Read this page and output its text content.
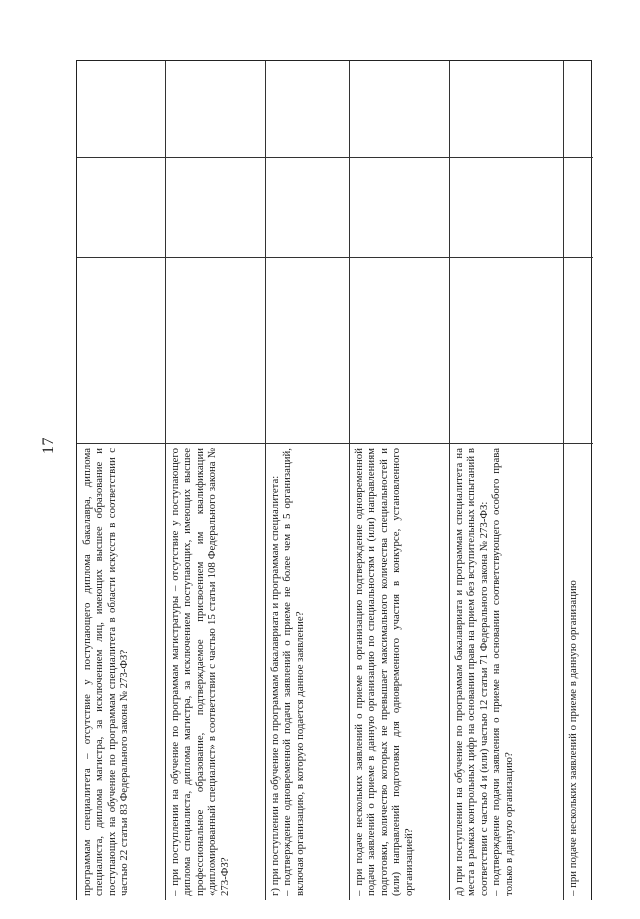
17
программам специалитета – отсутствие у поступающего диплома бакалавра, диплома специалиста, диплома магистра, за исключением лиц, имеющих высшее образование и поступающих на обучение по программам специалитета в области искусств в соответствии с частью 22 статьи 83 Федерального закона № 273-ФЗ?	– при поступлении на обучение по программам магистратуры – отсутствие у поступающего диплома специалиста, диплома магистра, за исключением поступающих, имеющих высшее профессиональное образование, подтверждаемое присвоением им квалификации «дипломированный специалист» в соответствии с частью 15 статьи 108 Федерального закона № 273-ФЗ?	г) при поступлении на обучение по программам бакалавриата и программам специалитета: – подтверждение одновременной подачи заявлений о приеме не более чем в 5 организаций, включая организацию, в которую подается данное заявление?	– при подаче нескольких заявлений о приеме в организацию подтверждение одновременной подачи заявлений о приеме в данную организацию по специальностям и (или) направлениям подготовки, количество которых не превышает максимального количества специальностей и (или) направлений подготовки для одновременного участия в конкурсе, установленного организацией?	д) при поступлении на обучение по программам бакалавриата и программам специалитета на места в рамках контрольных цифр на основании права на прием без вступительных испытаний в соответствии с частью 4 и (или) частью 12 статьи 71 Федерального закона № 273-ФЗ: – подтверждение подачи заявления о приеме на основании соответствующего особого права только в данную организацию?	– при подаче нескольких заявлений о приеме в данную организацию
